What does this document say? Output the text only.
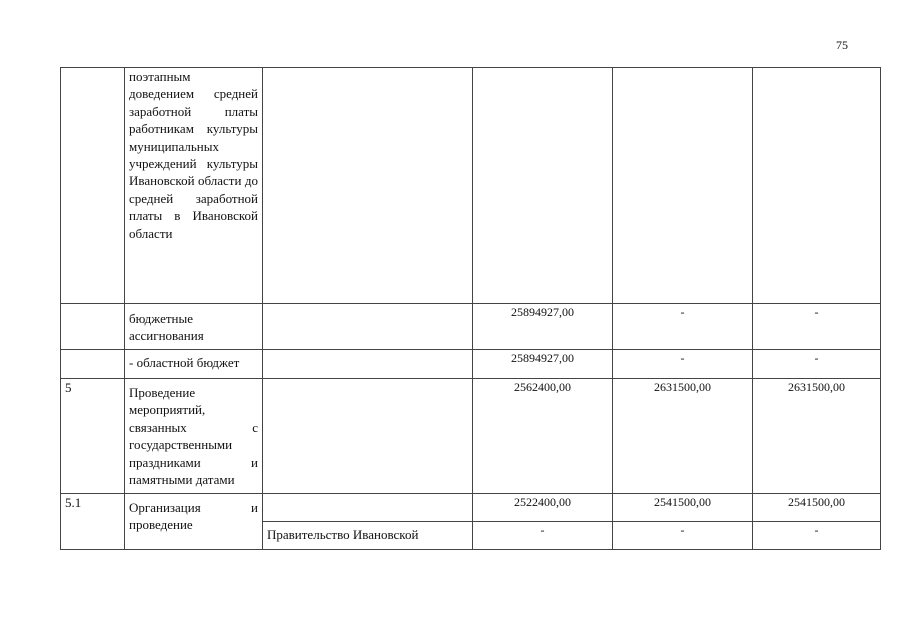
75
	поэтапным доведением средней заработной платы работникам культуры муниципальных учреждений культуры Ивановской области до средней заработной платы в Ивановской области				
	бюджетные ассигнования		25894927,00	-	-
	- областной бюджет		25894927,00	-	-
5	Проведение мероприятий, связанных с государственными праздниками и памятными датами		2562400,00	2631500,00	2631500,00
5.1	Организация и проведение		2522400,00	2541500,00	2541500,00
		Правительство Ивановской	-	-	-
